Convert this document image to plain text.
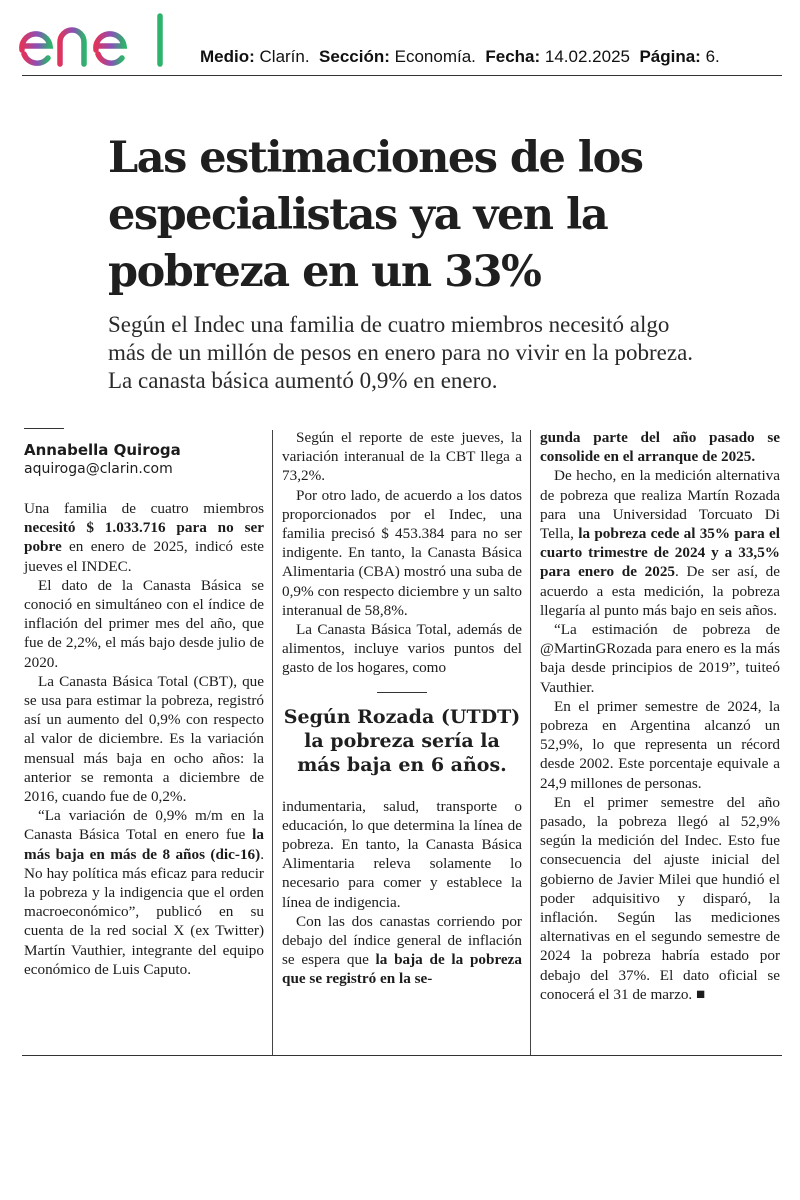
Medio: Clarín. Sección: Economía. Fecha: 14.02.2025 Página: 6.
Las estimaciones de los especialistas ya ven la pobreza en un 33%

Según el Indec una familia de cuatro miembros necesitó algo más de un millón de pesos en enero para no vivir en la pobreza. La canasta básica aumentó 0,9% en enero.

Annabella Quiroga
aquiroga@clarin.com

Una familia de cuatro miembros necesitó $ 1.033.716 para no ser pobre en enero de 2025, indicó este jueves el INDEC.

El dato de la Canasta Básica se conoció en simultáneo con el índice de inflación del primer mes del año, que fue de 2,2%, el más bajo desde julio de 2020.

La Canasta Básica Total (CBT), que se usa para estimar la pobreza, registró así un aumento del 0,9% con respecto al valor de diciembre. Es la variación mensual más baja en ocho años: la anterior se remonta a diciembre de 2016, cuando fue de 0,2%.

“La variación de 0,9% m/m en la Canasta Básica Total en enero fue la más baja en más de 8 años (dic-16). No hay política más eficaz para reducir la pobreza y la indigencia que el orden macroeconómico”, publicó en su cuenta de la red social X (ex Twitter) Martín Vauthier, integrante del equipo económico de Luis Caputo.

Según el reporte de este jueves, la variación interanual de la CBT llega a 73,2%.

Por otro lado, de acuerdo a los datos proporcionados por el Indec, una familia precisó $ 453.384 para no ser indigente. En tanto, la Canasta Básica Alimentaria (CBA) mostró una suba de 0,9% con respecto diciembre y un salto interanual de 58,8%.

La Canasta Básica Total, además de alimentos, incluye varios puntos del gasto de los hogares, como

Según Rozada (UTDT) la pobreza sería la más baja en 6 años.

indumentaria, salud, transporte o educación, lo que determina la línea de pobreza. En tanto, la Canasta Básica Alimentaria releva solamente lo necesario para comer y establece la línea de indigencia.

Con las dos canastas corriendo por debajo del índice general de inflación se espera que la baja de la pobreza que se registró en la se-

gunda parte del año pasado se consolide en el arranque de 2025.

De hecho, en la medición alternativa de pobreza que realiza Martín Rozada para una Universidad Torcuato Di Tella, la pobreza cede al 35% para el cuarto trimestre de 2024 y a 33,5% para enero de 2025. De ser así, de acuerdo a esta medición, la pobreza llegaría al punto más bajo en seis años.

“La estimación de pobreza de @MartinGRozada para enero es la más baja desde principios de 2019”, tuiteó Vauthier.

En el primer semestre de 2024, la pobreza en Argentina alcanzó un 52,9%, lo que representa un récord desde 2002. Este porcentaje equivale a 24,9 millones de personas.

En el primer semestre del año pasado, la pobreza llegó al 52,9% según la medición del Indec. Esto fue consecuencia del ajuste inicial del gobierno de Javier Milei que hundió el poder adquisitivo y disparó, la inflación. Según las mediciones alternativas en el segundo semestre de 2024 la pobreza habría estado por debajo del 37%. El dato oficial se conocerá el 31 de marzo. ■
